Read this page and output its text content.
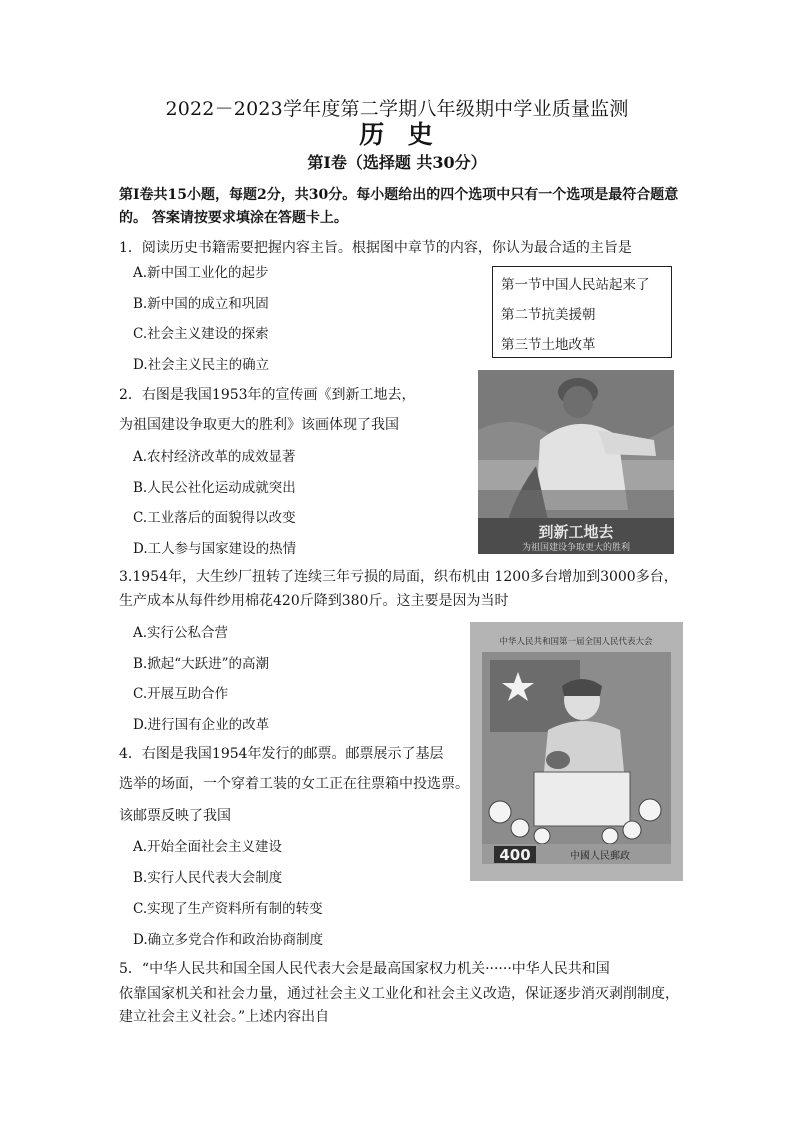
2022－2023学年度第二学期八年级期中学业质量监测
历  史
第Ⅰ卷（选择题 共30分）
第Ⅰ卷共15小题，每题2分，共30分。每小题给出的四个选项中只有一个选项是最符合题意
的。 答案请按要求填涂在答题卡上。
1．阅读历史书籍需要把握内容主旨。根据图中章节的内容，你认为最合适的主旨是
A.新中国工业化的起步
B.新中国的成立和巩固
C.社会主义建设的探索
D.社会主义民主的确立
第一节中国人民站起来了
第二节抗美援朝
第三节土地改革
2．右图是我国1953年的宣传画《到新工地去，
为祖国建设争取更大的胜利》该画体现了我国
A.农村经济改革的成效显著
B.人民公社化运动成就突出
C.工业落后的面貌得以改变
D.工人参与国家建设的热情
到新工地去
为祖国建设争取更大的胜利
3.1954年，大生纱厂扭转了连续三年亏损的局面，织布机由 1200多台增加到3000多台，
生产成本从每件纱用棉花420斤降到380斤。这主要是因为当时
A.实行公私合营
B.掀起“大跃进”的高潮
C.开展互助合作
D.进行国有企业的改革
中华人民共和国第一届全国人民代表大会
400	中國人民郵政
4．右图是我国1954年发行的邮票。邮票展示了基层
选举的场面，一个穿着工装的女工正在往票箱中投选票。
该邮票反映了我国
A.开始全面社会主义建设
B.实行人民代表大会制度
C.实现了生产资料所有制的转变
D.确立多党合作和政治协商制度
5．“中华人民共和国全国人民代表大会是最高国家权力机关······中华人民共和国
依靠国家机关和社会力量，通过社会主义工业化和社会主义改造，保证逐步消灭剥削制度，
建立社会主义社会。”上述内容出自
